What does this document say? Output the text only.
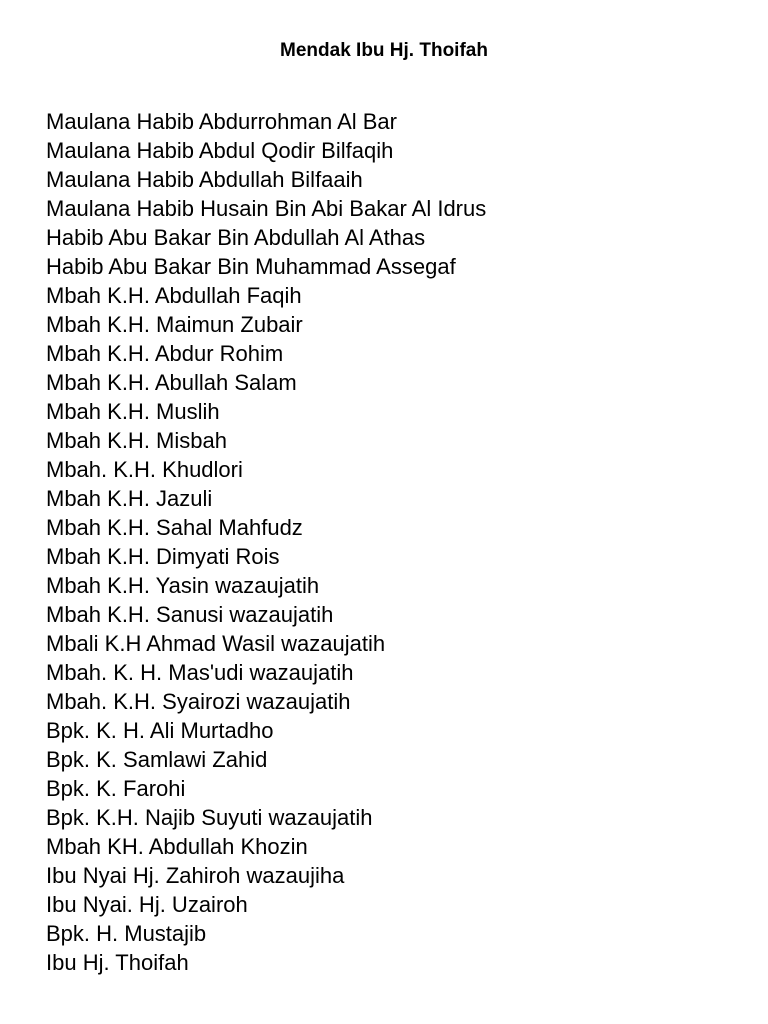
Mendak Ibu Hj. Thoifah
Maulana Habib Abdurrohman Al Bar
Maulana Habib Abdul Qodir Bilfaqih
Maulana Habib Abdullah Bilfaaih
Maulana Habib Husain Bin Abi Bakar Al Idrus
Habib Abu Bakar Bin Abdullah Al Athas
Habib Abu Bakar Bin Muhammad Assegaf
Mbah K.H. Abdullah Faqih
Mbah K.H. Maimun Zubair
Mbah K.H. Abdur Rohim
Mbah K.H. Abullah Salam
Mbah K.H. Muslih
Mbah K.H. Misbah
Mbah. K.H. Khudlori
Mbah K.H. Jazuli
Mbah K.H. Sahal Mahfudz
Mbah K.H. Dimyati Rois
Mbah K.H. Yasin wazaujatih
Mbah K.H. Sanusi wazaujatih
Mbali K.H Ahmad Wasil wazaujatih
Mbah. K. H. Mas'udi wazaujatih
Mbah. K.H. Syairozi wazaujatih
Bpk. K. H. Ali Murtadho
Bpk. K. Samlawi Zahid
Bpk. K. Farohi
Bpk. K.H. Najib Suyuti wazaujatih
Mbah KH. Abdullah Khozin
Ibu Nyai Hj. Zahiroh wazaujiha
Ibu Nyai. Hj. Uzairoh
Bpk. H. Mustajib
Ibu Hj. Thoifah
